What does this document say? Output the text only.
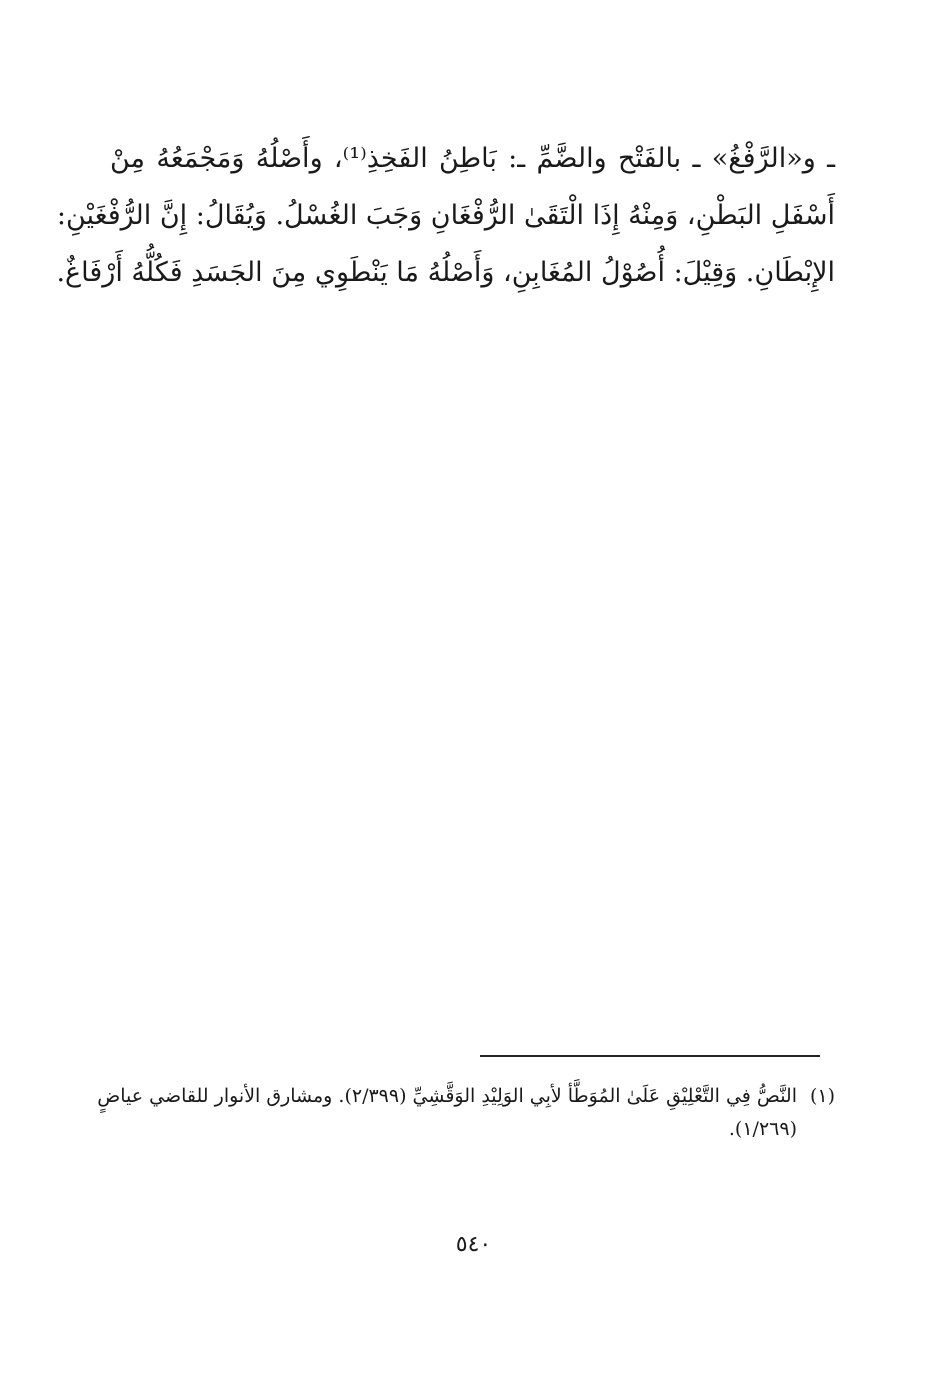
ـ و«الرَّفْغُ» ـ بالفَتْح والضَّمِّ ـ: بَاطِنُ الفَخِذِ⁽¹⁾، وأَصْلُهُ وَمَجْمَعُهُ مِنْ
أَسْفَلِ البَطْنِ، وَمِنْهُ إِذَا الْتَقَىٰ الرُّفْغَانِ وَجَبَ الغُسْلُ. وَيُقَالُ: إِنَّ الرُّفْغَيْنِ:
الإِبْطَانِ. وَقِيْلَ: أُصُوْلُ المُغَابِنِ، وَأَصْلُهُ مَا يَنْطَوِي مِنَ الجَسَدِ فَكُلُّهُ أَرْفَاغٌ.
(١)النَّصُّ فِي التَّعْلِيْقِ عَلَىٰ المُوَطَّأ لأبِي الوَلِيْدِ الوَقَّشِيِّ (٢/٣٩٩). ومشارق الأنوار للقاضي عياضٍ
(١/٢٦٩).
٥٤٠
